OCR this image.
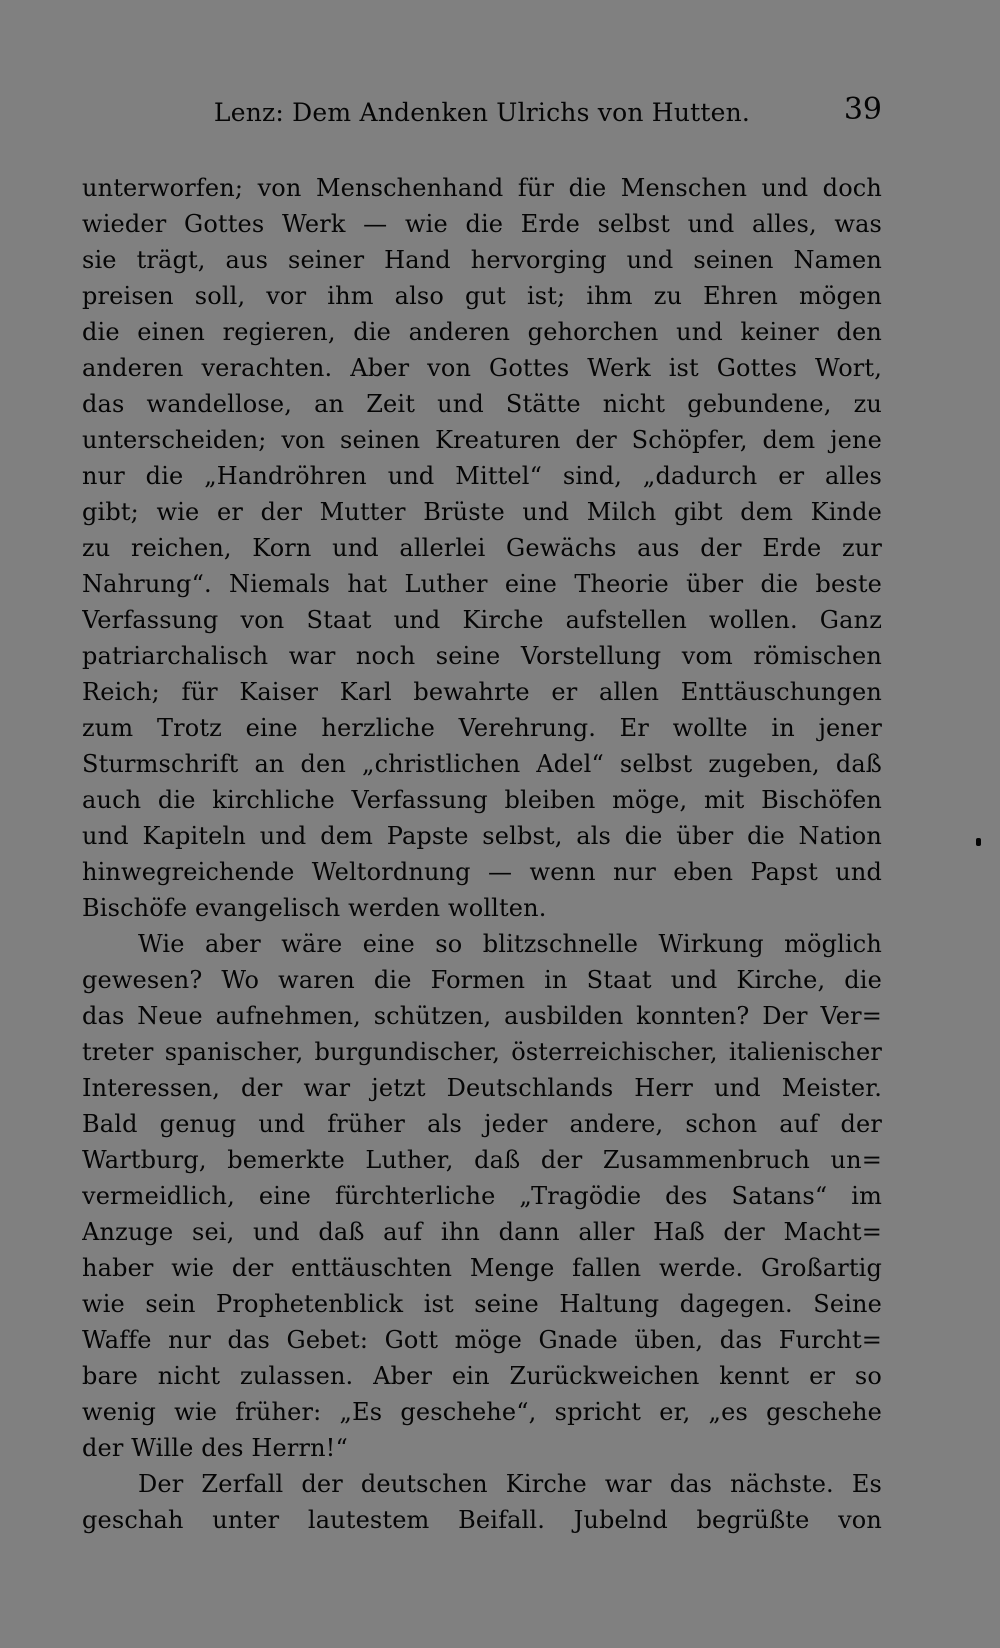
Lenz: Dem Andenken Ulrichs von Hutten.	39
unterworfen; von Menschenhand für die Menschen und doch
wieder Gottes Werk — wie die Erde selbst und alles, was
sie trägt, aus seiner Hand hervorging und seinen Namen
preisen soll, vor ihm also gut ist; ihm zu Ehren mögen
die einen regieren, die anderen gehorchen und keiner den
anderen verachten. Aber von Gottes Werk ist Gottes Wort,
das wandellose, an Zeit und Stätte nicht gebundene, zu
unterscheiden; von seinen Kreaturen der Schöpfer, dem jene
nur die „Handröhren und Mittel“ sind, „dadurch er alles
gibt; wie er der Mutter Brüste und Milch gibt dem Kinde
zu reichen, Korn und allerlei Gewächs aus der Erde zur
Nahrung“. Niemals hat Luther eine Theorie über die beste
Verfassung von Staat und Kirche aufstellen wollen. Ganz
patriarchalisch war noch seine Vorstellung vom römischen
Reich; für Kaiser Karl bewahrte er allen Enttäuschungen
zum Trotz eine herzliche Verehrung. Er wollte in jener
Sturmschrift an den „christlichen Adel“ selbst zugeben, daß
auch die kirchliche Verfassung bleiben möge, mit Bischöfen
und Kapiteln und dem Papste selbst, als die über die Nation
hinwegreichende Weltordnung — wenn nur eben Papst und
Bischöfe evangelisch werden wollten.
Wie aber wäre eine so blitzschnelle Wirkung möglich
gewesen? Wo waren die Formen in Staat und Kirche, die
das Neue aufnehmen, schützen, ausbilden konnten? Der Ver=
treter spanischer, burgundischer, österreichischer, italienischer
Interessen, der war jetzt Deutschlands Herr und Meister.
Bald genug und früher als jeder andere, schon auf der
Wartburg, bemerkte Luther, daß der Zusammenbruch un=
vermeidlich, eine fürchterliche „Tragödie des Satans“ im
Anzuge sei, und daß auf ihn dann aller Haß der Macht=
haber wie der enttäuschten Menge fallen werde. Großartig
wie sein Prophetenblick ist seine Haltung dagegen. Seine
Waffe nur das Gebet: Gott möge Gnade üben, das Furcht=
bare nicht zulassen. Aber ein Zurückweichen kennt er so
wenig wie früher: „Es geschehe“, spricht er, „es geschehe
der Wille des Herrn!“
Der Zerfall der deutschen Kirche war das nächste. Es
geschah unter lautestem Beifall. Jubelnd begrüßte von
